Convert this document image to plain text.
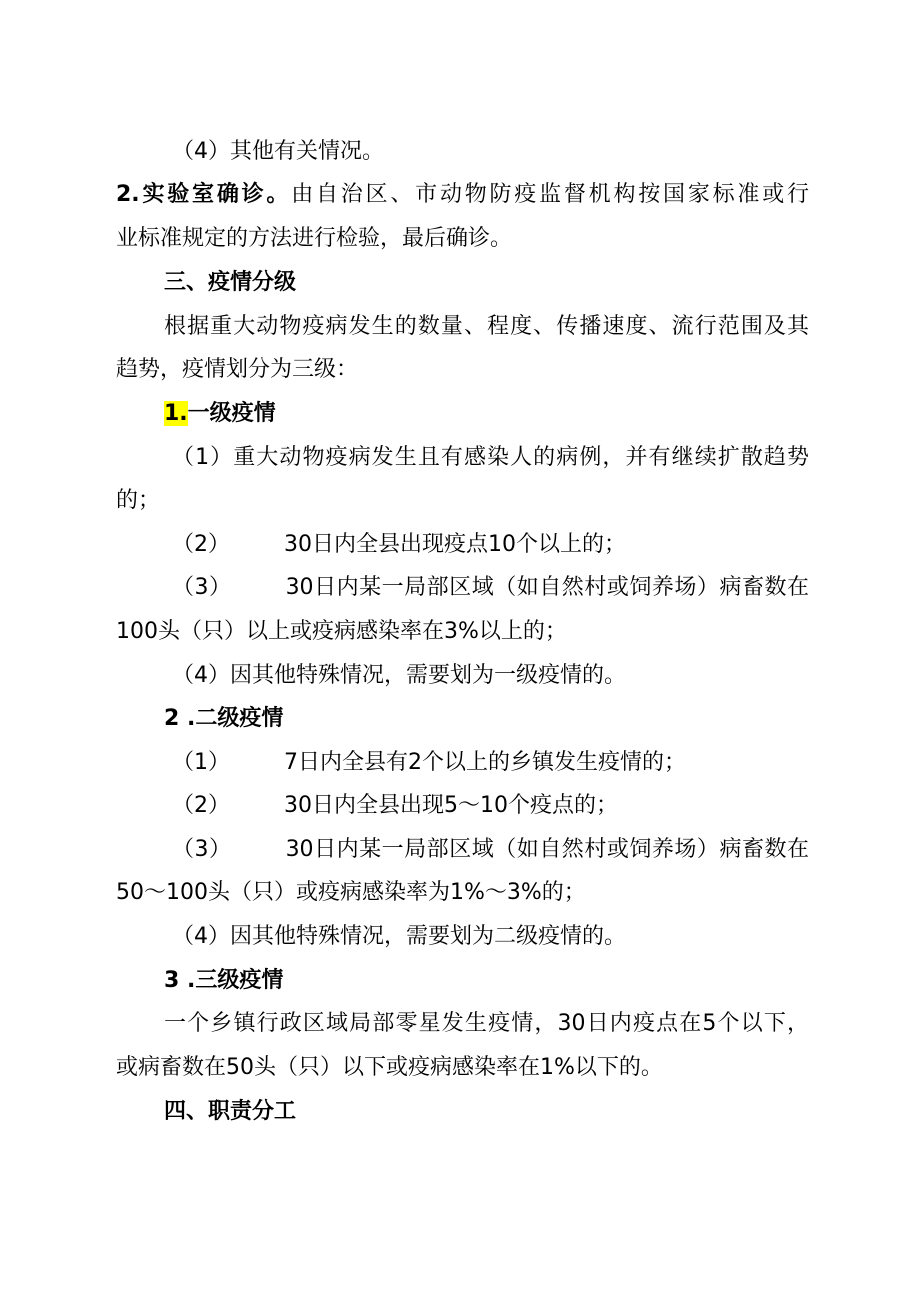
（4）其他有关情况。
2.实验室确诊。由自治区、市动物防疫监督机构按国家标准或行
业标准规定的方法进行检验，最后确诊。
三、疫情分级
根据重大动物疫病发生的数量、程度、传播速度、流行范围及其
趋势，疫情划分为三级：
1.一级疫情
（1）重大动物疫病发生且有感染人的病例，并有继续扩散趋势
的；
（2） 30日内全县出现疫点10个以上的；
（3） 30日内某一局部区域（如自然村或饲养场）病畜数在
100头（只）以上或疫病感染率在3%以上的；
（4）因其他特殊情况，需要划为一级疫情的。
2 .二级疫情
（1） 7日内全县有2个以上的乡镇发生疫情的；
（2） 30日内全县出现5～10个疫点的；
（3） 30日内某一局部区域（如自然村或饲养场）病畜数在
50～100头（只）或疫病感染率为1%～3%的；
（4）因其他特殊情况，需要划为二级疫情的。
3 .三级疫情
一个乡镇行政区域局部零星发生疫情，30日内疫点在5个以下，
或病畜数在50头（只）以下或疫病感染率在1%以下的。
四、职责分工
